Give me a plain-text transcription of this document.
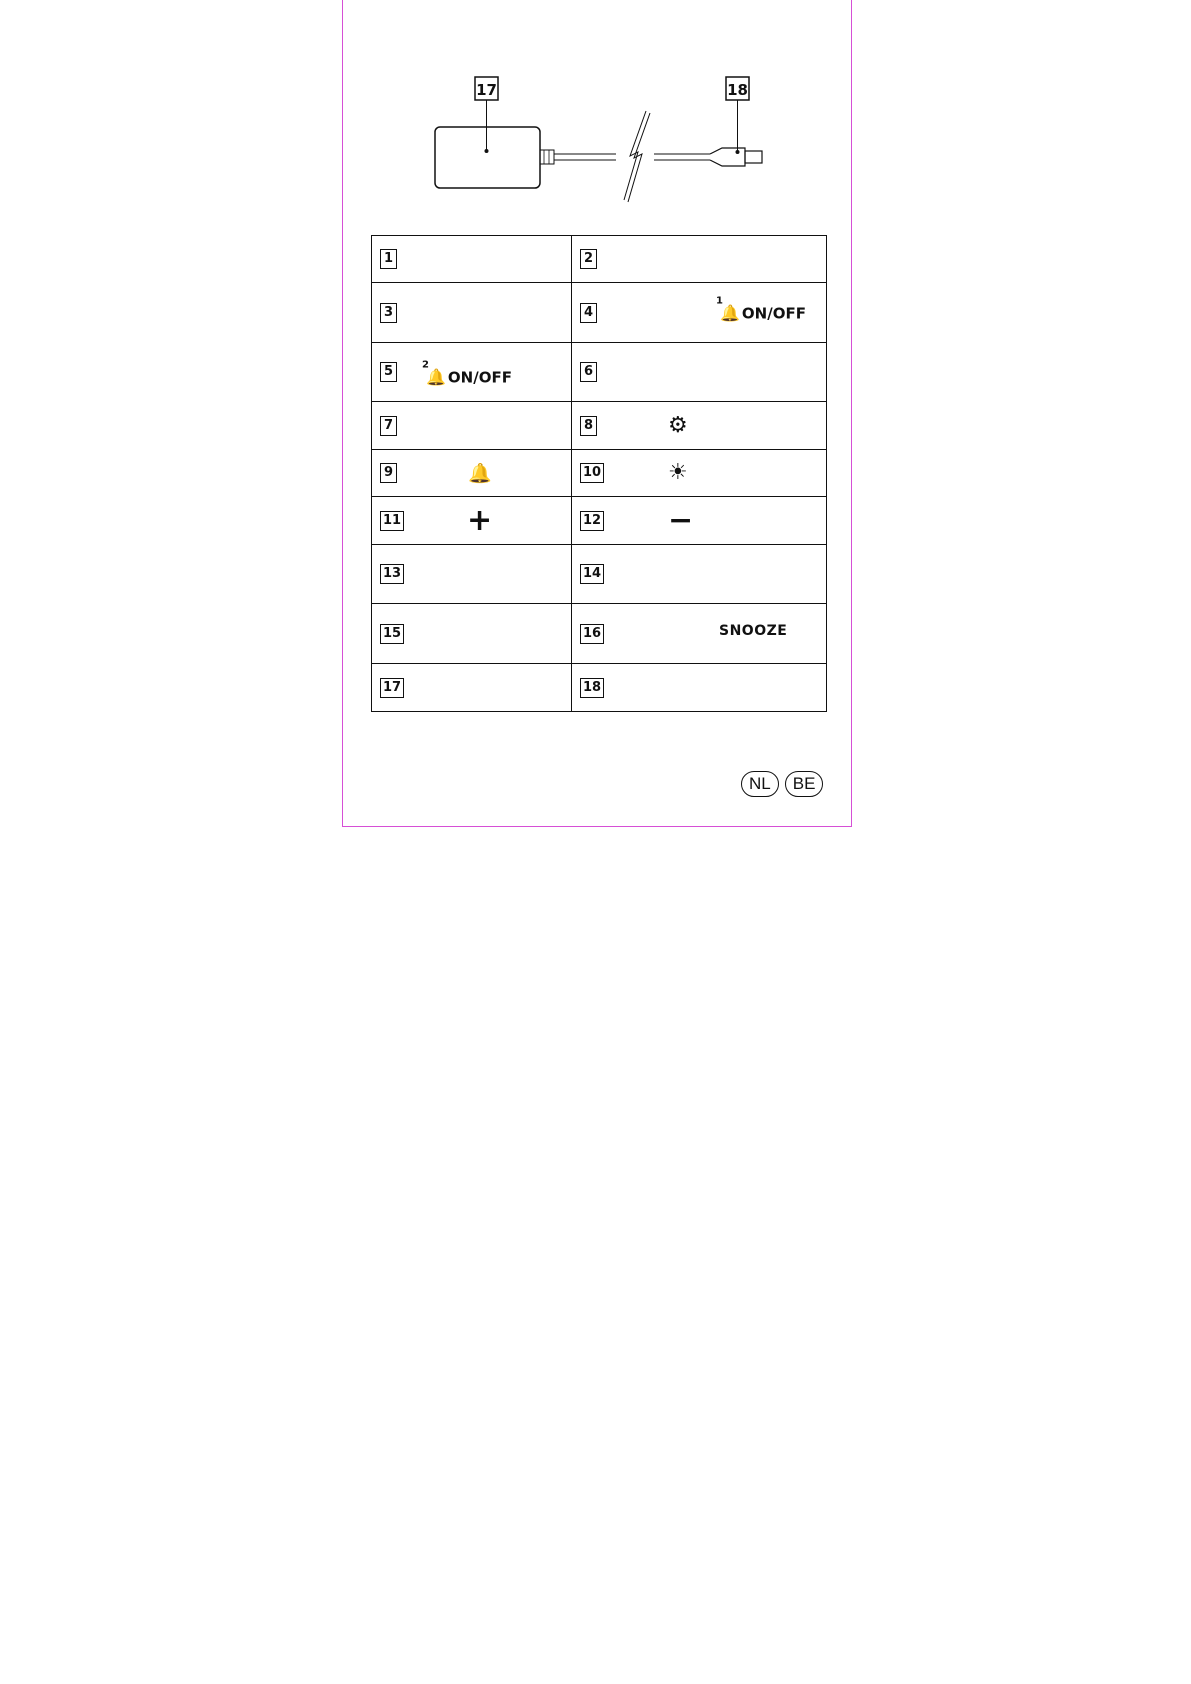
17	18
1	2

3	4 🔔
1
ON/OFF

5 🔔
2
ON/OFF	6

7	8 ⚙

9 🔔	10 ☀

11 +	12 −

13	14

15	16 SNOOZE

17	18
NL	BE
